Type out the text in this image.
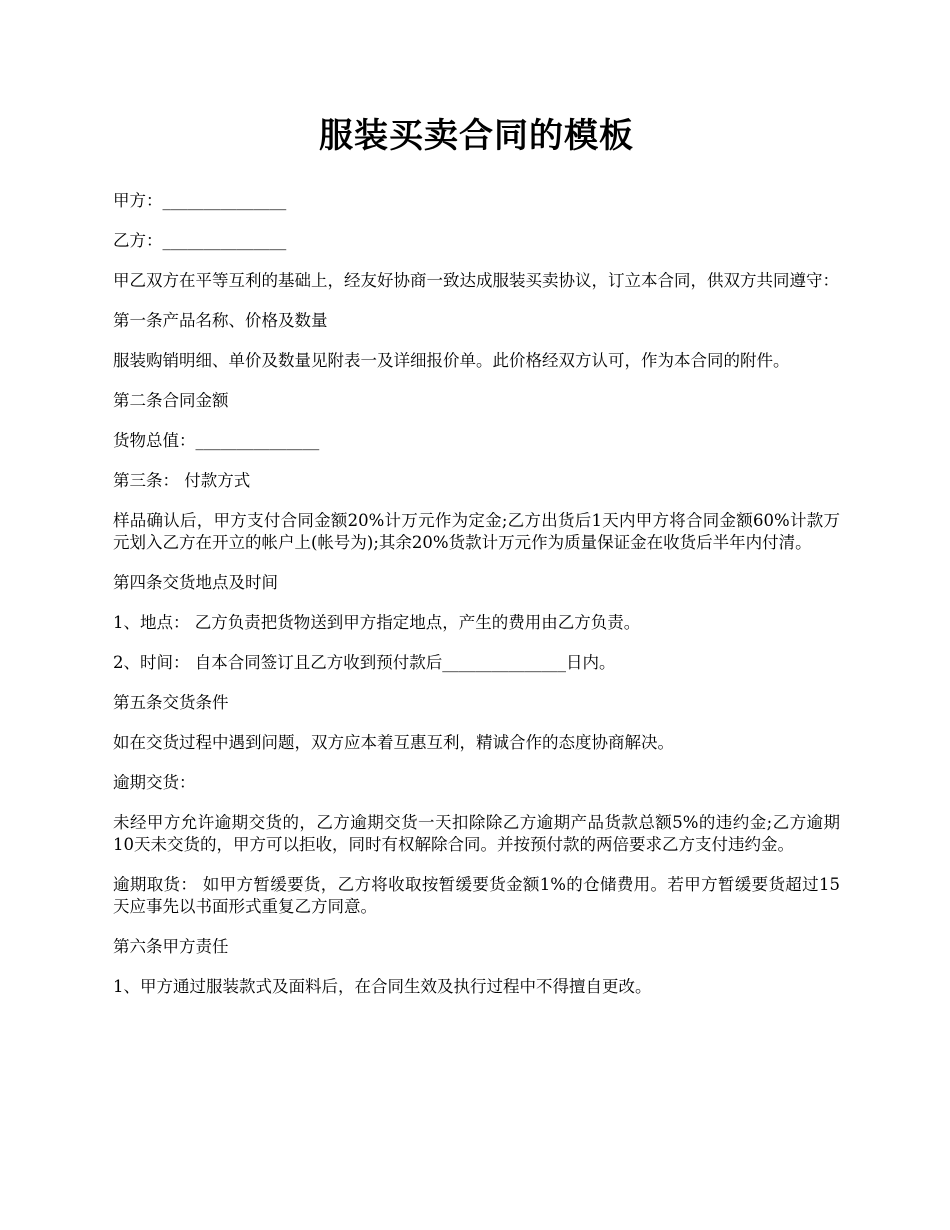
服装买卖合同的模板

甲方：_______________

乙方：_______________

甲乙双方在平等互利的基础上，经友好协商一致达成服装买卖协议，订立本合同，供双方共同遵守：

第一条产品名称、价格及数量

服装购销明细、单价及数量见附表一及详细报价单。此价格经双方认可，作为本合同的附件。

第二条合同金额

货物总值：_______________

第三条： 付款方式

样品确认后，甲方支付合同金额20%计万元作为定金;乙方出货后1天内甲方将合同金额60%计款万元划入乙方在开立的帐户上(帐号为);其余20%货款计万元作为质量保证金在收货后半年内付清。

第四条交货地点及时间

1、地点： 乙方负责把货物送到甲方指定地点，产生的费用由乙方负责。

2、时间： 自本合同签订且乙方收到预付款后_______________日内。

第五条交货条件

如在交货过程中遇到问题，双方应本着互惠互利，精诚合作的态度协商解决。

逾期交货：

未经甲方允许逾期交货的，乙方逾期交货一天扣除除乙方逾期产品货款总额5%的违约金;乙方逾期10天未交货的，甲方可以拒收，同时有权解除合同。并按预付款的两倍要求乙方支付违约金。

逾期取货： 如甲方暂缓要货，乙方将收取按暂缓要货金额1%的仓储费用。若甲方暂缓要货超过15天应事先以书面形式重复乙方同意。

第六条甲方责任

1、甲方通过服装款式及面料后，在合同生效及执行过程中不得擅自更改。
